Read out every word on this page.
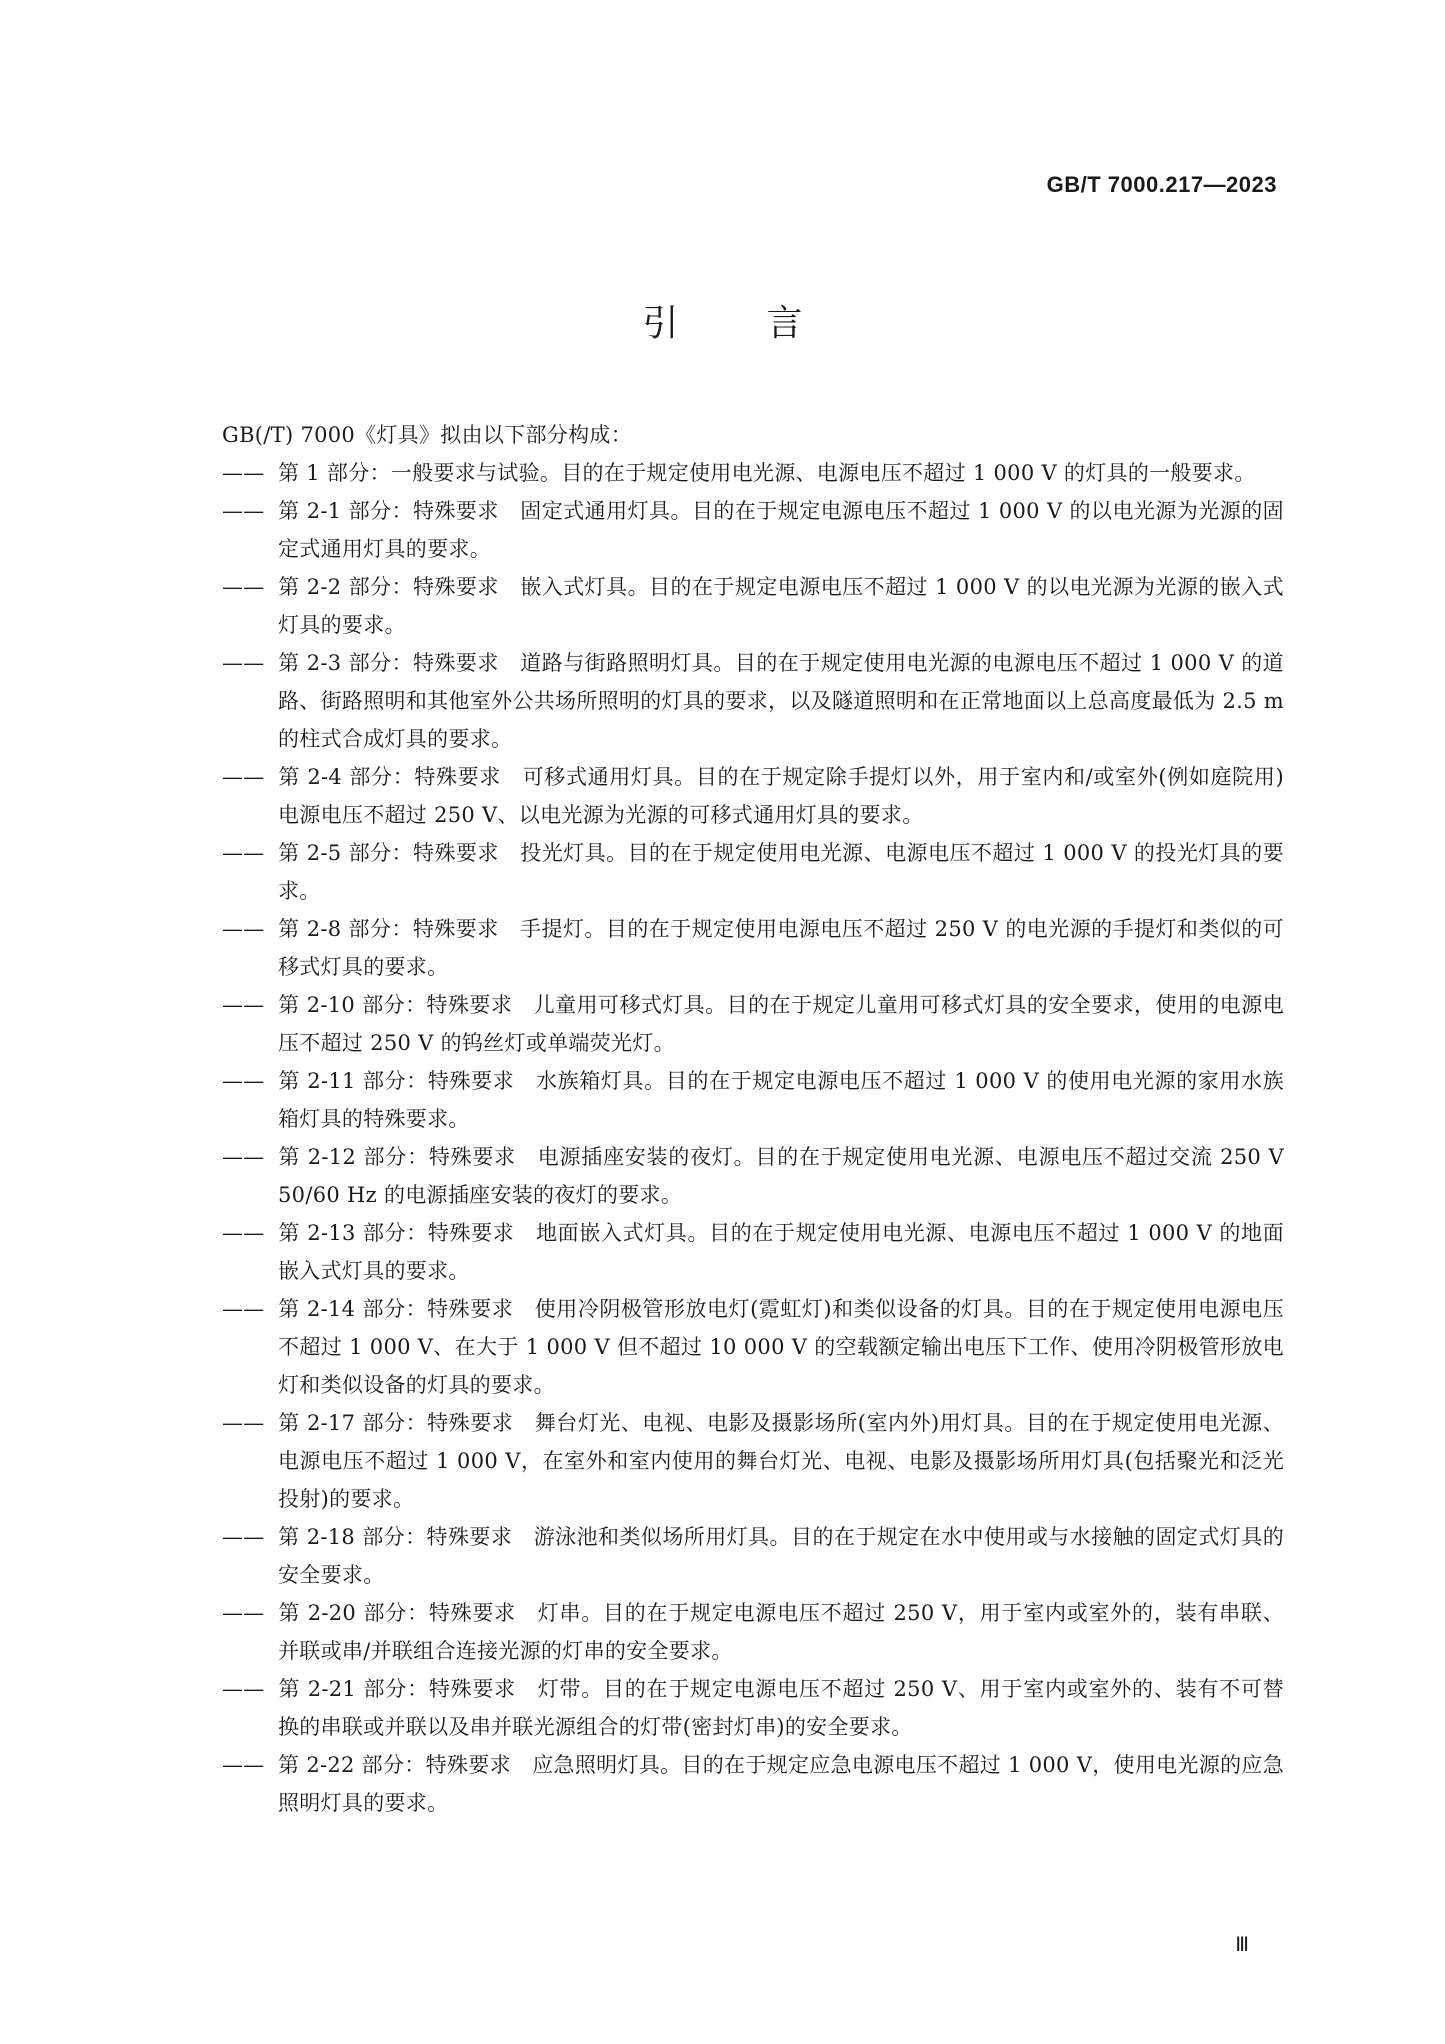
GB/T 7000.217—2023
引言

GB(/T) 7000《灯具》拟由以下部分构成：

—— 第 1 部分：一般要求与试验。目的在于规定使用电光源、电源电压不超过 1 000 V 的灯具的一般要求。

—— 第 2-1 部分：特殊要求　固定式通用灯具。目的在于规定电源电压不超过 1 000 V 的以电光源为光源的固定式通用灯具的要求。

—— 第 2-2 部分：特殊要求　嵌入式灯具。目的在于规定电源电压不超过 1 000 V 的以电光源为光源的嵌入式灯具的要求。

—— 第 2-3 部分：特殊要求　道路与街路照明灯具。目的在于规定使用电光源的电源电压不超过 1 000 V 的道路、街路照明和其他室外公共场所照明的灯具的要求，以及隧道照明和在正常地面以上总高度最低为 2.5 m 的柱式合成灯具的要求。

—— 第 2-4 部分：特殊要求　可移式通用灯具。目的在于规定除手提灯以外，用于室内和/或室外(例如庭院用)电源电压不超过 250 V、以电光源为光源的可移式通用灯具的要求。

—— 第 2-5 部分：特殊要求　投光灯具。目的在于规定使用电光源、电源电压不超过 1 000 V 的投光灯具的要求。

—— 第 2-8 部分：特殊要求　手提灯。目的在于规定使用电源电压不超过 250 V 的电光源的手提灯和类似的可移式灯具的要求。

—— 第 2-10 部分：特殊要求　儿童用可移式灯具。目的在于规定儿童用可移式灯具的安全要求，使用的电源电压不超过 250 V 的钨丝灯或单端荧光灯。

—— 第 2-11 部分：特殊要求　水族箱灯具。目的在于规定电源电压不超过 1 000 V 的使用电光源的家用水族箱灯具的特殊要求。

—— 第 2-12 部分：特殊要求　电源插座安装的夜灯。目的在于规定使用电光源、电源电压不超过交流 250 V 50/60 Hz 的电源插座安装的夜灯的要求。

—— 第 2-13 部分：特殊要求　地面嵌入式灯具。目的在于规定使用电光源、电源电压不超过 1 000 V 的地面嵌入式灯具的要求。

—— 第 2-14 部分：特殊要求　使用冷阴极管形放电灯(霓虹灯)和类似设备的灯具。目的在于规定使用电源电压不超过 1 000 V、在大于 1 000 V 但不超过 10 000 V 的空载额定输出电压下工作、使用冷阴极管形放电灯和类似设备的灯具的要求。

—— 第 2-17 部分：特殊要求　舞台灯光、电视、电影及摄影场所(室内外)用灯具。目的在于规定使用电光源、电源电压不超过 1 000 V，在室外和室内使用的舞台灯光、电视、电影及摄影场所用灯具(包括聚光和泛光投射)的要求。

—— 第 2-18 部分：特殊要求　游泳池和类似场所用灯具。目的在于规定在水中使用或与水接触的固定式灯具的安全要求。

—— 第 2-20 部分：特殊要求　灯串。目的在于规定电源电压不超过 250 V，用于室内或室外的，装有串联、并联或串/并联组合连接光源的灯串的安全要求。

—— 第 2-21 部分：特殊要求　灯带。目的在于规定电源电压不超过 250 V、用于室内或室外的、装有不可替换的串联或并联以及串并联光源组合的灯带(密封灯串)的安全要求。

—— 第 2-22 部分：特殊要求　应急照明灯具。目的在于规定应急电源电压不超过 1 000 V，使用电光源的应急照明灯具的要求。

Ⅲ
